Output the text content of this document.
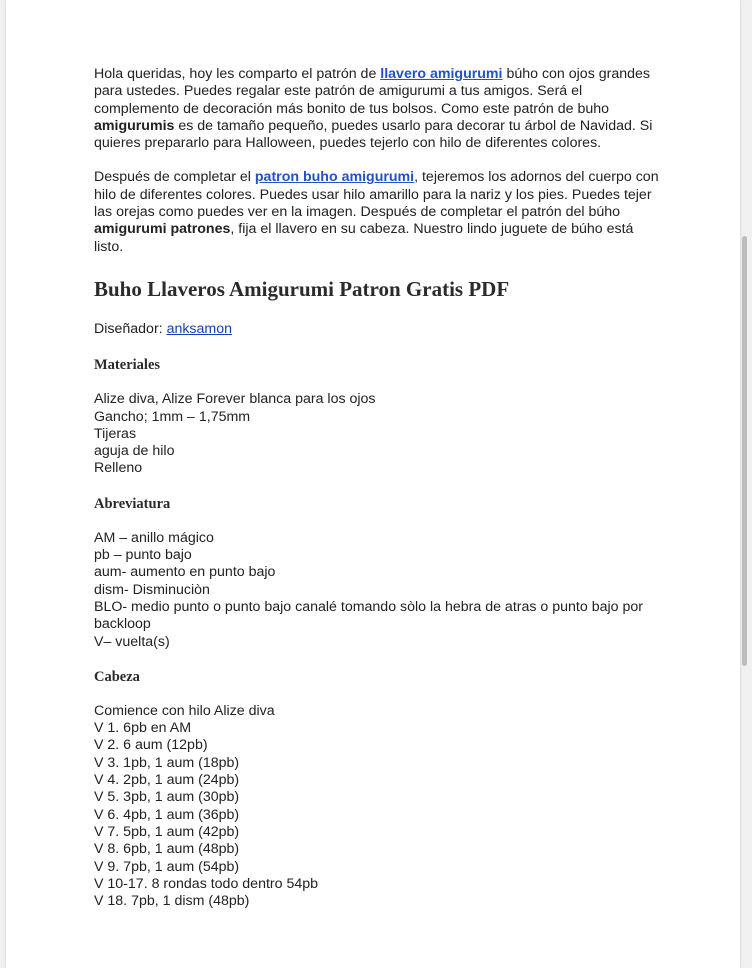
Hola queridas, hoy les comparto el patrón de llavero amigurumi búho con ojos grandes para ustedes. Puedes regalar este patrón de amigurumi a tus amigos. Será el complemento de decoración más bonito de tus bolsos. Como este patrón de buho amigurumis es de tamaño pequeño, puedes usarlo para decorar tu árbol de Navidad. Si quieres prepararlo para Halloween, puedes tejerlo con hilo de diferentes colores.

Después de completar el patron buho amigurumi, tejeremos los adornos del cuerpo con hilo de diferentes colores. Puedes usar hilo amarillo para la nariz y los pies. Puedes tejer las orejas como puedes ver en la imagen. Después de completar el patrón del búho amigurumi patrones, fija el llavero en su cabeza. Nuestro lindo juguete de búho está listo.

Buho Llaveros Amigurumi Patron Gratis PDF

Diseñador: anksamon

Materiales
Alize diva, Alize Forever blanca para los ojos
Gancho; 1mm – 1,75mm
Tijeras
aguja de hilo
Relleno
Abreviatura
AM – anillo mágico
pb – punto bajo
aum- aumento en punto bajo
dism- Disminuciòn
BLO- medio punto o punto bajo canalé tomando sòlo la hebra de atras o punto bajo por backloop
V– vuelta(s)
Cabeza
Comience con hilo Alize diva
V 1. 6pb en AM
V 2. 6 aum (12pb)
V 3. 1pb, 1 aum (18pb)
V 4. 2pb, 1 aum (24pb)
V 5. 3pb, 1 aum (30pb)
V 6. 4pb, 1 aum (36pb)
V 7. 5pb, 1 aum (42pb)
V 8. 6pb, 1 aum (48pb)
V 9. 7pb, 1 aum (54pb)
V 10-17. 8 rondas todo dentro 54pb
V 18. 7pb, 1 dism (48pb)
